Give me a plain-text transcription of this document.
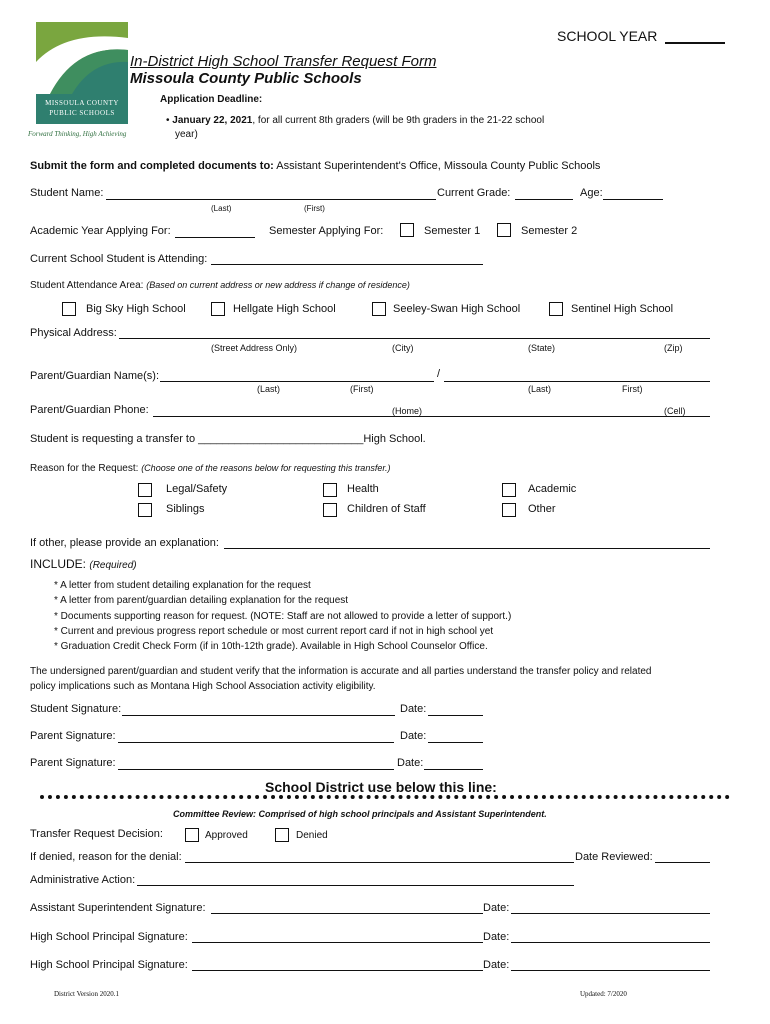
MISSOULA COUNTY
PUBLIC SCHOOLS
Forward Thinking, High Achieving
SCHOOL YEAR
In-District High School Transfer Request Form
Missoula County Public Schools
Application Deadline:
• January 22, 2021, for all current 8th graders (will be 9th graders in the 21-22 school
year)
Submit the form and completed documents to: Assistant Superintendent's Office, Missoula County Public Schools
Student Name:	Current Grade:	Age:
(Last)	(First)
Academic Year Applying For:	Semester Applying For:	Semester 1	Semester 2
Current School Student is Attending:
Student Attendance Area: (Based on current address or new address if change of residence)
Big Sky High School	Hellgate High School	Seeley-Swan High School	Sentinel High School
Physical Address:
(Street Address Only)	(City)	(State)	(Zip)
Parent/Guardian Name(s):	/
(Last)	(First)	(Last)	First)
Parent/Guardian Phone:	(Home)	(Cell)
Student is requesting a transfer to ___________________________High School.
Reason for the Request: (Choose one of the reasons below for requesting this transfer.)
Legal/Safety	Health	Academic
Siblings	Children of Staff	Other
If other, please provide an explanation:
INCLUDE: (Required)
* A letter from student detailing explanation for the request
* A letter from parent/guardian detailing explanation for the request
* Documents supporting reason for request. (NOTE: Staff are not allowed to provide a letter of support.)
* Current and previous progress report schedule or most current report card if not in high school yet
* Graduation Credit Check Form (if in 10th-12th grade). Available in High School Counselor Office.
The undersigned parent/guardian and student verify that the information is accurate and all parties understand the transfer policy and related
policy implications such as Montana High School Association activity eligibility.
Student Signature:	Date:
Parent Signature:	Date:
Parent Signature:	Date:
School District use below this line:
Committee Review: Comprised of high school principals and Assistant Superintendent.
Transfer Request Decision:	Approved	Denied
If denied, reason for the denial:	Date Reviewed:
Administrative Action:
Assistant Superintendent Signature:	Date:
High School Principal Signature:	Date:
High School Principal Signature:	Date:
District Version 2020.1	Updated: 7/2020
